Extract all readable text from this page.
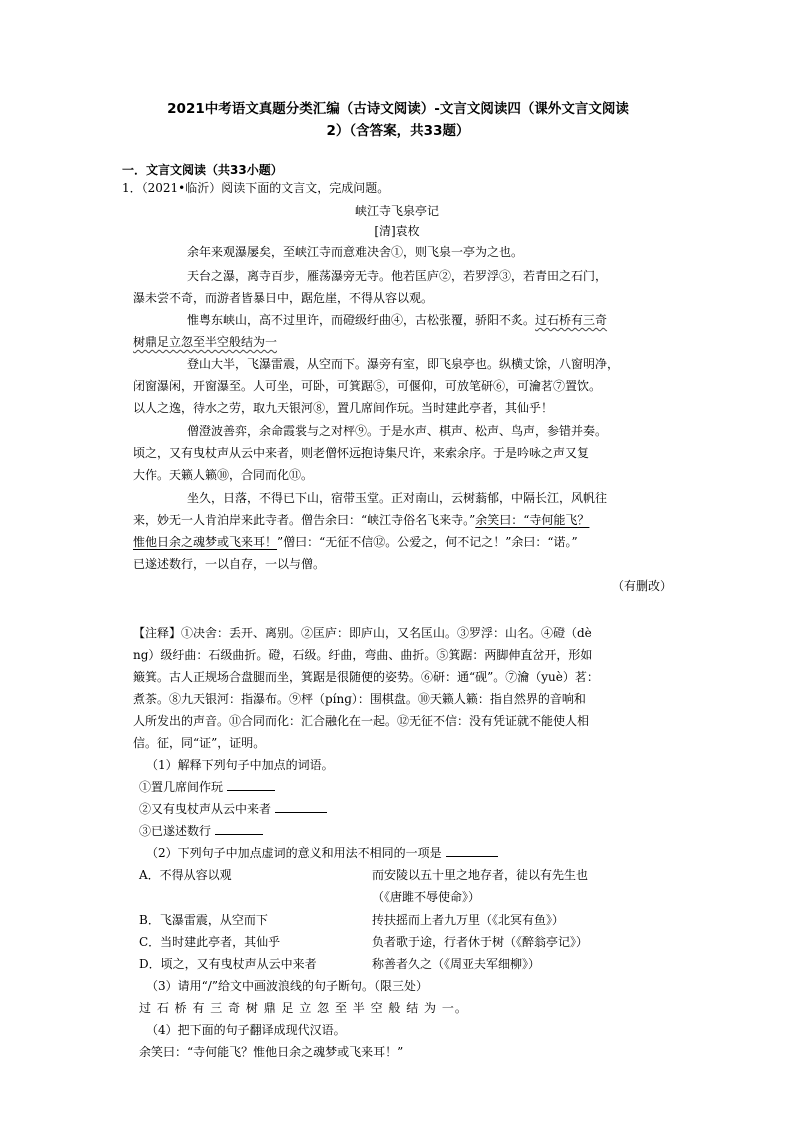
2021中考语文真题分类汇编（古诗文阅读）-文言文阅读四（课外文言文阅读
2）（含答案，共33题）
一．文言文阅读（共33小题）
1．（2021•临沂）阅读下面的文言文，完成问题。
峡江寺飞泉亭记
[清]袁枚
余年来观瀑屡矣，至峡江寺而意难决舍①，则飞泉一亭为之也。
天台之瀑，离寺百步，雁荡瀑旁无寺。他若匡庐②，若罗浮③，若青田之石门，
瀑未尝不奇，而游者皆暴日中，踞危崖，不得从容以观。
惟粤东峡山，高不过里许，而磴级纡曲④，古松张覆，骄阳不炙。过石桥有三奇
树鼎足立忽至半空般结为一
登山大半，飞瀑雷震，从空而下。瀑旁有室，即飞泉亭也。纵横丈馀，八窗明净，
闭窗瀑闲，开窗瀑至。人可坐，可卧，可箕踞⑤，可偃仰，可放笔研⑥，可瀹茗⑦置饮。
以人之逸，待水之劳，取九天银河⑧，置几席间作玩。当时建此亭者，其仙乎！
僧澄波善弈，余命霞裳与之对枰⑨。于是水声、棋声、松声、鸟声，参错并奏。
顷之，又有曳杖声从云中来者，则老僧怀远抱诗集尺许，来索余序。于是吟咏之声又复
大作。天籁人籁⑩，合同而化⑪。
坐久，日落，不得已下山，宿带玉堂。正对南山，云树蓊郁，中隔长江，风帆往
来，妙无一人肯泊岸来此寺者。僧告余曰：“峡江寺俗名飞来寺。”余笑曰：“寺何能飞？
惟他日余之魂梦或飞来耳！”僧曰：“无征不信⑫。公爱之，何不记之！”余曰：“诺。”
已遂述数行，一以自存，一以与僧。
（有删改）
【注释】①决舍：丢开、离别。②匡庐：即庐山，又名匡山。③罗浮：山名。④磴（dè
ng）级纡曲：石级曲折。磴，石级。纡曲，弯曲、曲折。⑤箕踞：两脚伸直岔开，形如
簸箕。古人正规场合盘腿而坐，箕踞是很随便的姿势。⑥研：通“砚”。⑦瀹（yuè）茗：
煮茶。⑧九天银河：指瀑布。⑨枰（pínɡ）：围棋盘。⑩天籁人籁：指自然界的音响和
人所发出的声音。⑪合同而化：汇合融化在一起。⑫无征不信：没有凭证就不能使人相
信。征，同“证”，证明。
（1）解释下列句子中加点的词语。
①置几席间作玩
②又有曳杖声从云中来者
③已遂述数行
（2）下列句子中加点虚词的意义和用法不相同的一项是
A．不得从容以观	而安陵以五十里之地存者，徒以有先生也
（《唐雎不辱使命》）
B．飞瀑雷震，从空而下	抟扶摇而上者九万里（《北冥有鱼》）
C．当时建此亭者，其仙乎	负者歌于途，行者休于树（《醉翁亭记》）
D．顷之，又有曳杖声从云中来者	称善者久之（《周亚夫军细柳》）
（3）请用“/”给文中画波浪线的句子断句。（限三处）
过 石 桥 有 三 奇 树 鼎 足 立 忽 至 半 空 般 结 为 一。
（4）把下面的句子翻译成现代汉语。
余笑曰：“寺何能飞？惟他日余之魂梦或飞来耳！”
